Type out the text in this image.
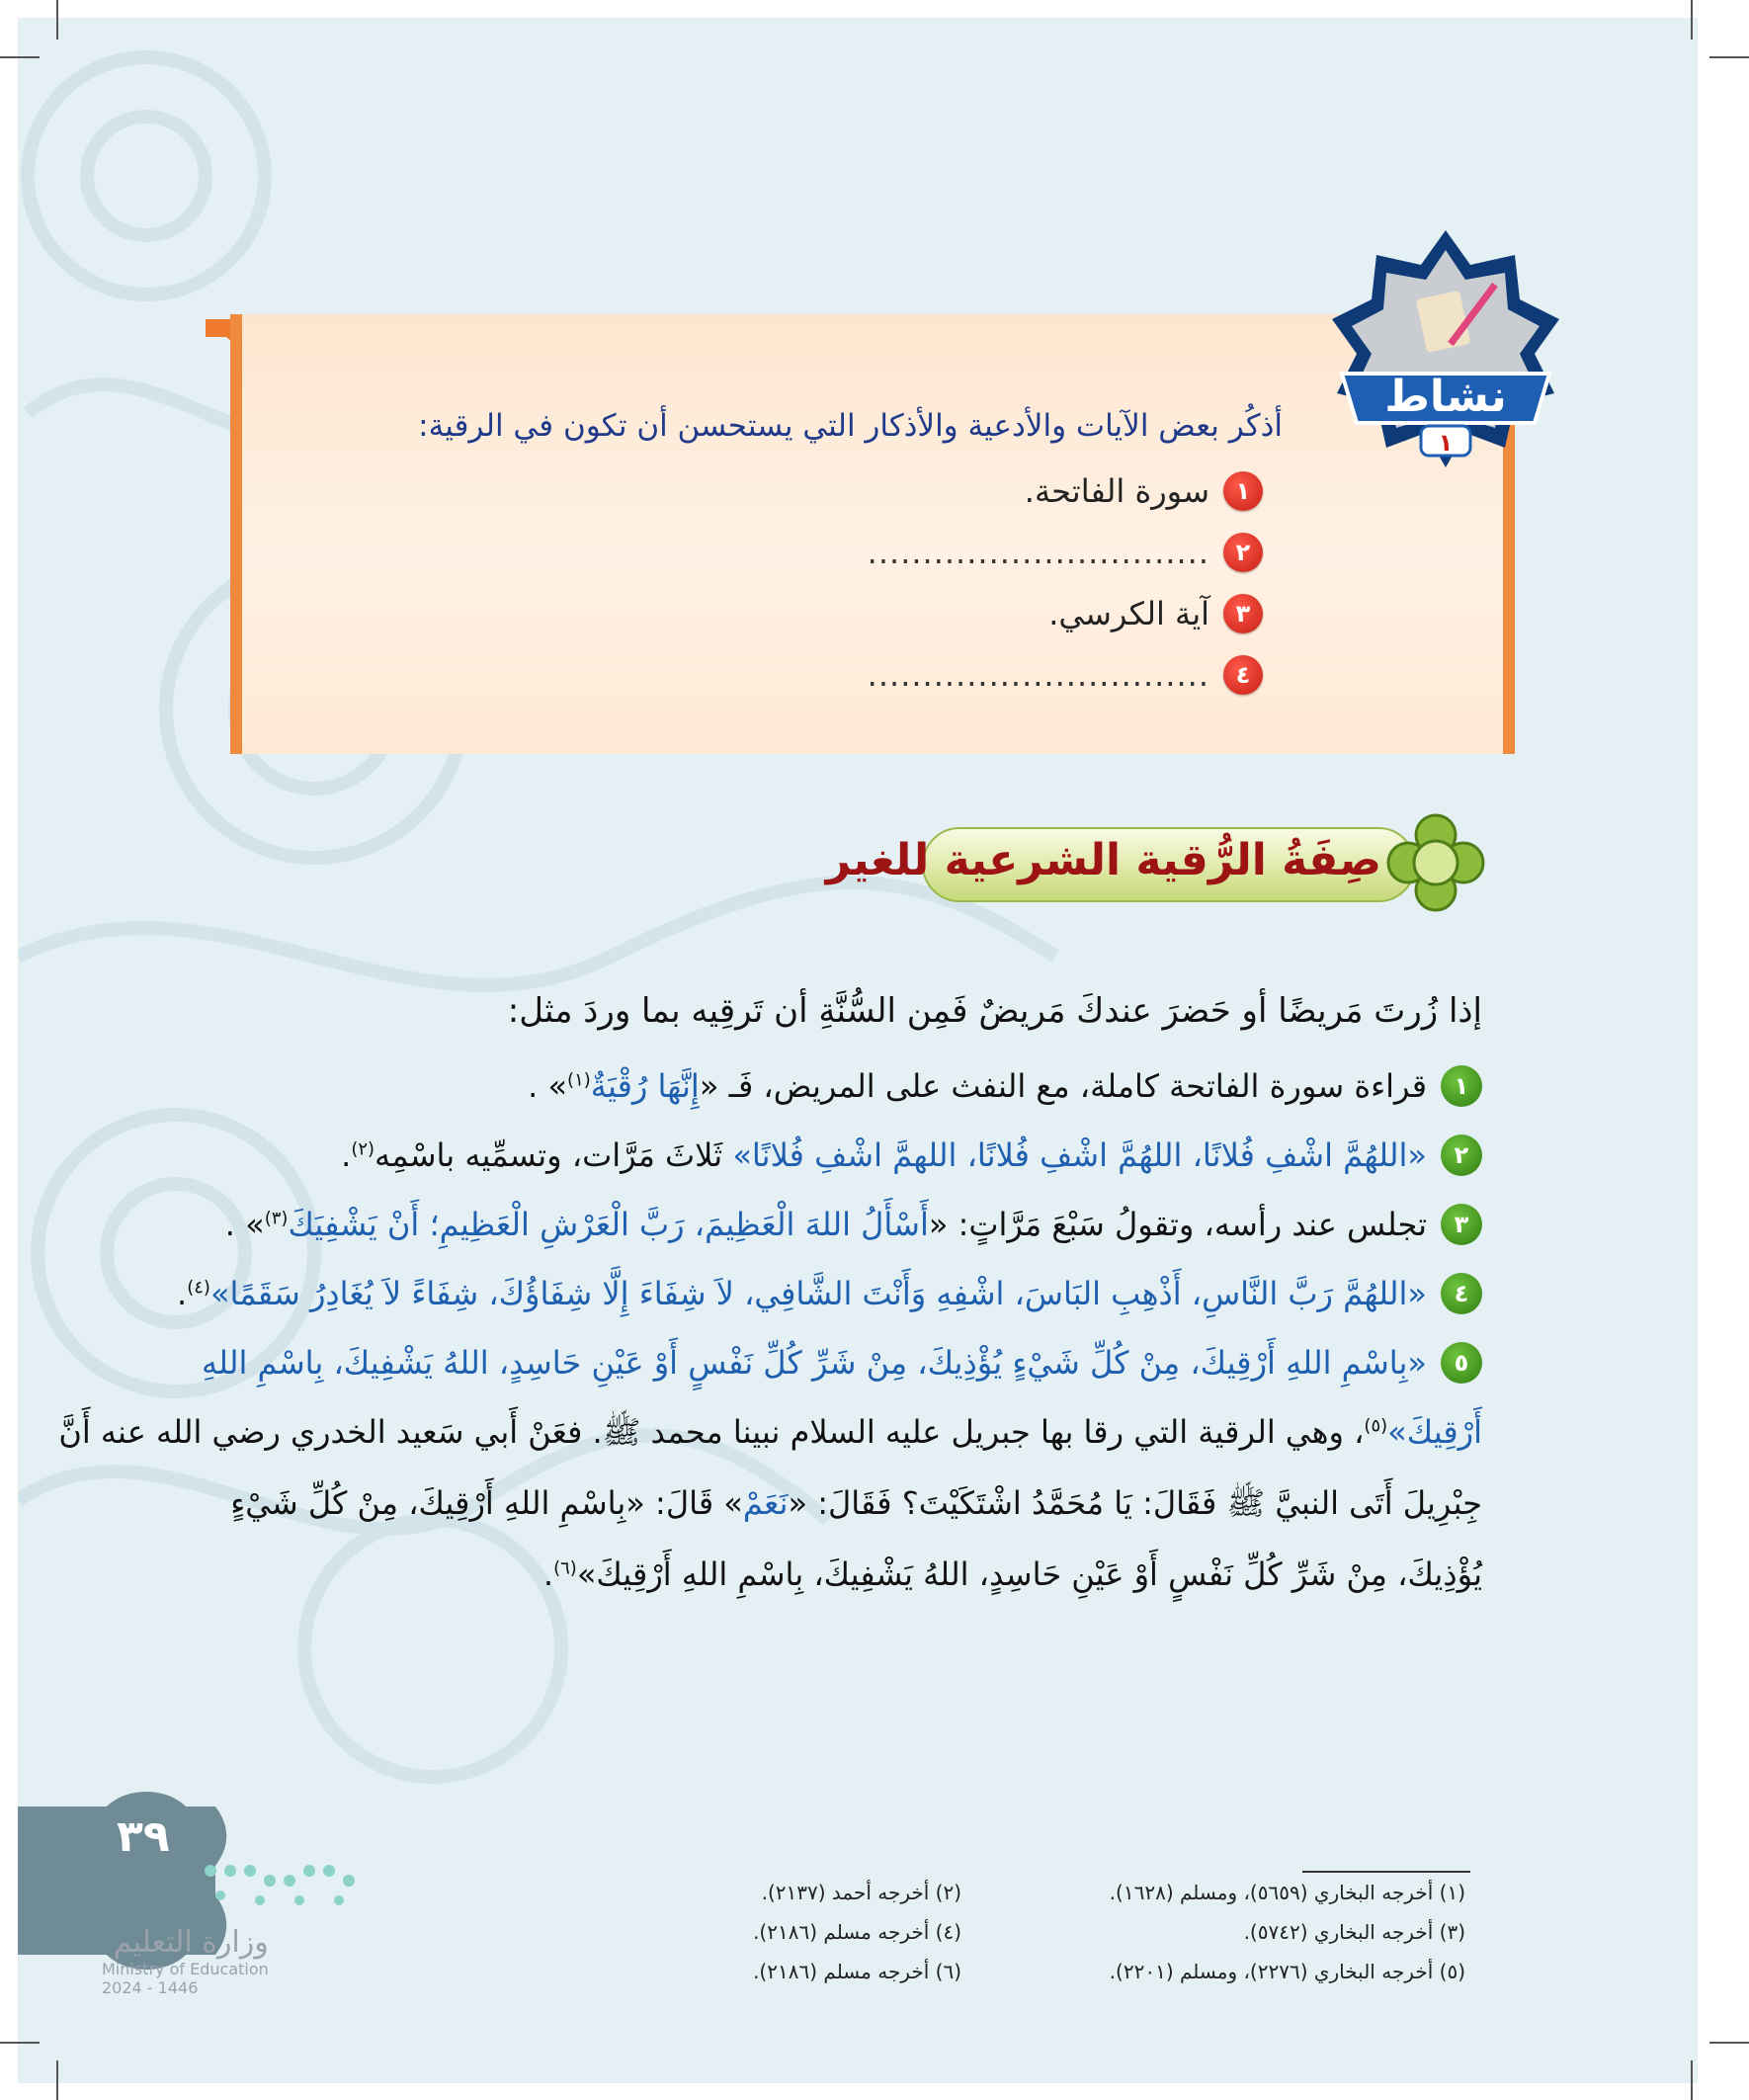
نشاط
١
أذكُر بعض الآيات والأدعية والأذكار التي يستحسن أن تكون في الرقية:
١
سورة الفاتحة.
٢
...............................
٣
آية الكرسي.
٤
...............................
صِفَةُ الرُّقية الشرعية للغير
إذا زُرتَ مَريضًا أو حَضرَ عندكَ مَريضٌ فَمِن السُّنَّةِ أن تَرقِيه بما وردَ مثل:
١
قراءة سورة الفاتحة كاملة، مع النفث على المريض، فَـ «إِنَّهَا رُقْيَةٌ$^{(١)}$» .
٢
«اللهُمَّ اشْفِ فُلانًا، اللهُمَّ اشْفِ فُلانًا، اللهمَّ اشْفِ فُلانًا» ثَلاثَ مَرَّات، وتسمِّيه باسْمِه$^{(٢)}$.
٣
تجلس عند رأسه، وتقولُ سَبْعَ مَرَّاتٍ: «أَسْأَلُ اللهَ الْعَظِيمَ، رَبَّ الْعَرْشِ الْعَظِيمِ؛ أَنْ يَشْفِيَكَ$^{(٣)}$» .
٤
«اللهُمَّ رَبَّ النَّاسِ، أَذْهِبِ البَاسَ، اشْفِهِ وَأَنْتَ الشَّافِي، لاَ شِفَاءَ إِلَّا شِفَاؤُكَ، شِفَاءً لاَ يُغَادِرُ سَقَمًا»$^{(٤)}$.
٥
«بِاسْمِ اللهِ أَرْقِيكَ، مِنْ كُلِّ شَيْءٍ يُؤْذِيكَ، مِنْ شَرِّ كُلِّ نَفْسٍ أَوْ عَيْنِ حَاسِدٍ، اللهُ يَشْفِيكَ، بِاسْمِ اللهِ
أَرْقِيكَ»$^{(٥)}$، وهي الرقية التي رقا بها جبريل عليه السلام نبينا محمد ﷺ. فعَنْ أَبي سَعيد الخدري رضي الله عنه أَنَّ
جِبْرِيلَ أَتَى النبيَّ ﷺ فَقَالَ: يَا مُحَمَّدُ اشْتَكَيْتَ؟ فَقَالَ: «نَعَمْ» قَالَ: «بِاسْمِ اللهِ أَرْقِيكَ، مِنْ كُلِّ شَيْءٍ
يُؤْذِيكَ، مِنْ شَرِّ كُلِّ نَفْسٍ أَوْ عَيْنِ حَاسِدٍ، اللهُ يَشْفِيكَ، بِاسْمِ اللهِ أَرْقِيكَ»$^{(٦)}$.
(١) أخرجه البخاري (٥٦٥٩)، ومسلم (١٦٢٨).
(٢) أخرجه أحمد (٢١٣٧).
(٣) أخرجه البخاري (٥٧٤٢).
(٤) أخرجه مسلم (٢١٨٦).
(٥) أخرجه البخاري (٢٢٧٦)، ومسلم (٢٢٠١).
(٦) أخرجه مسلم (٢١٨٦).
٣٩
وزارة التعليم
Ministry of Education
2024 - 1446
